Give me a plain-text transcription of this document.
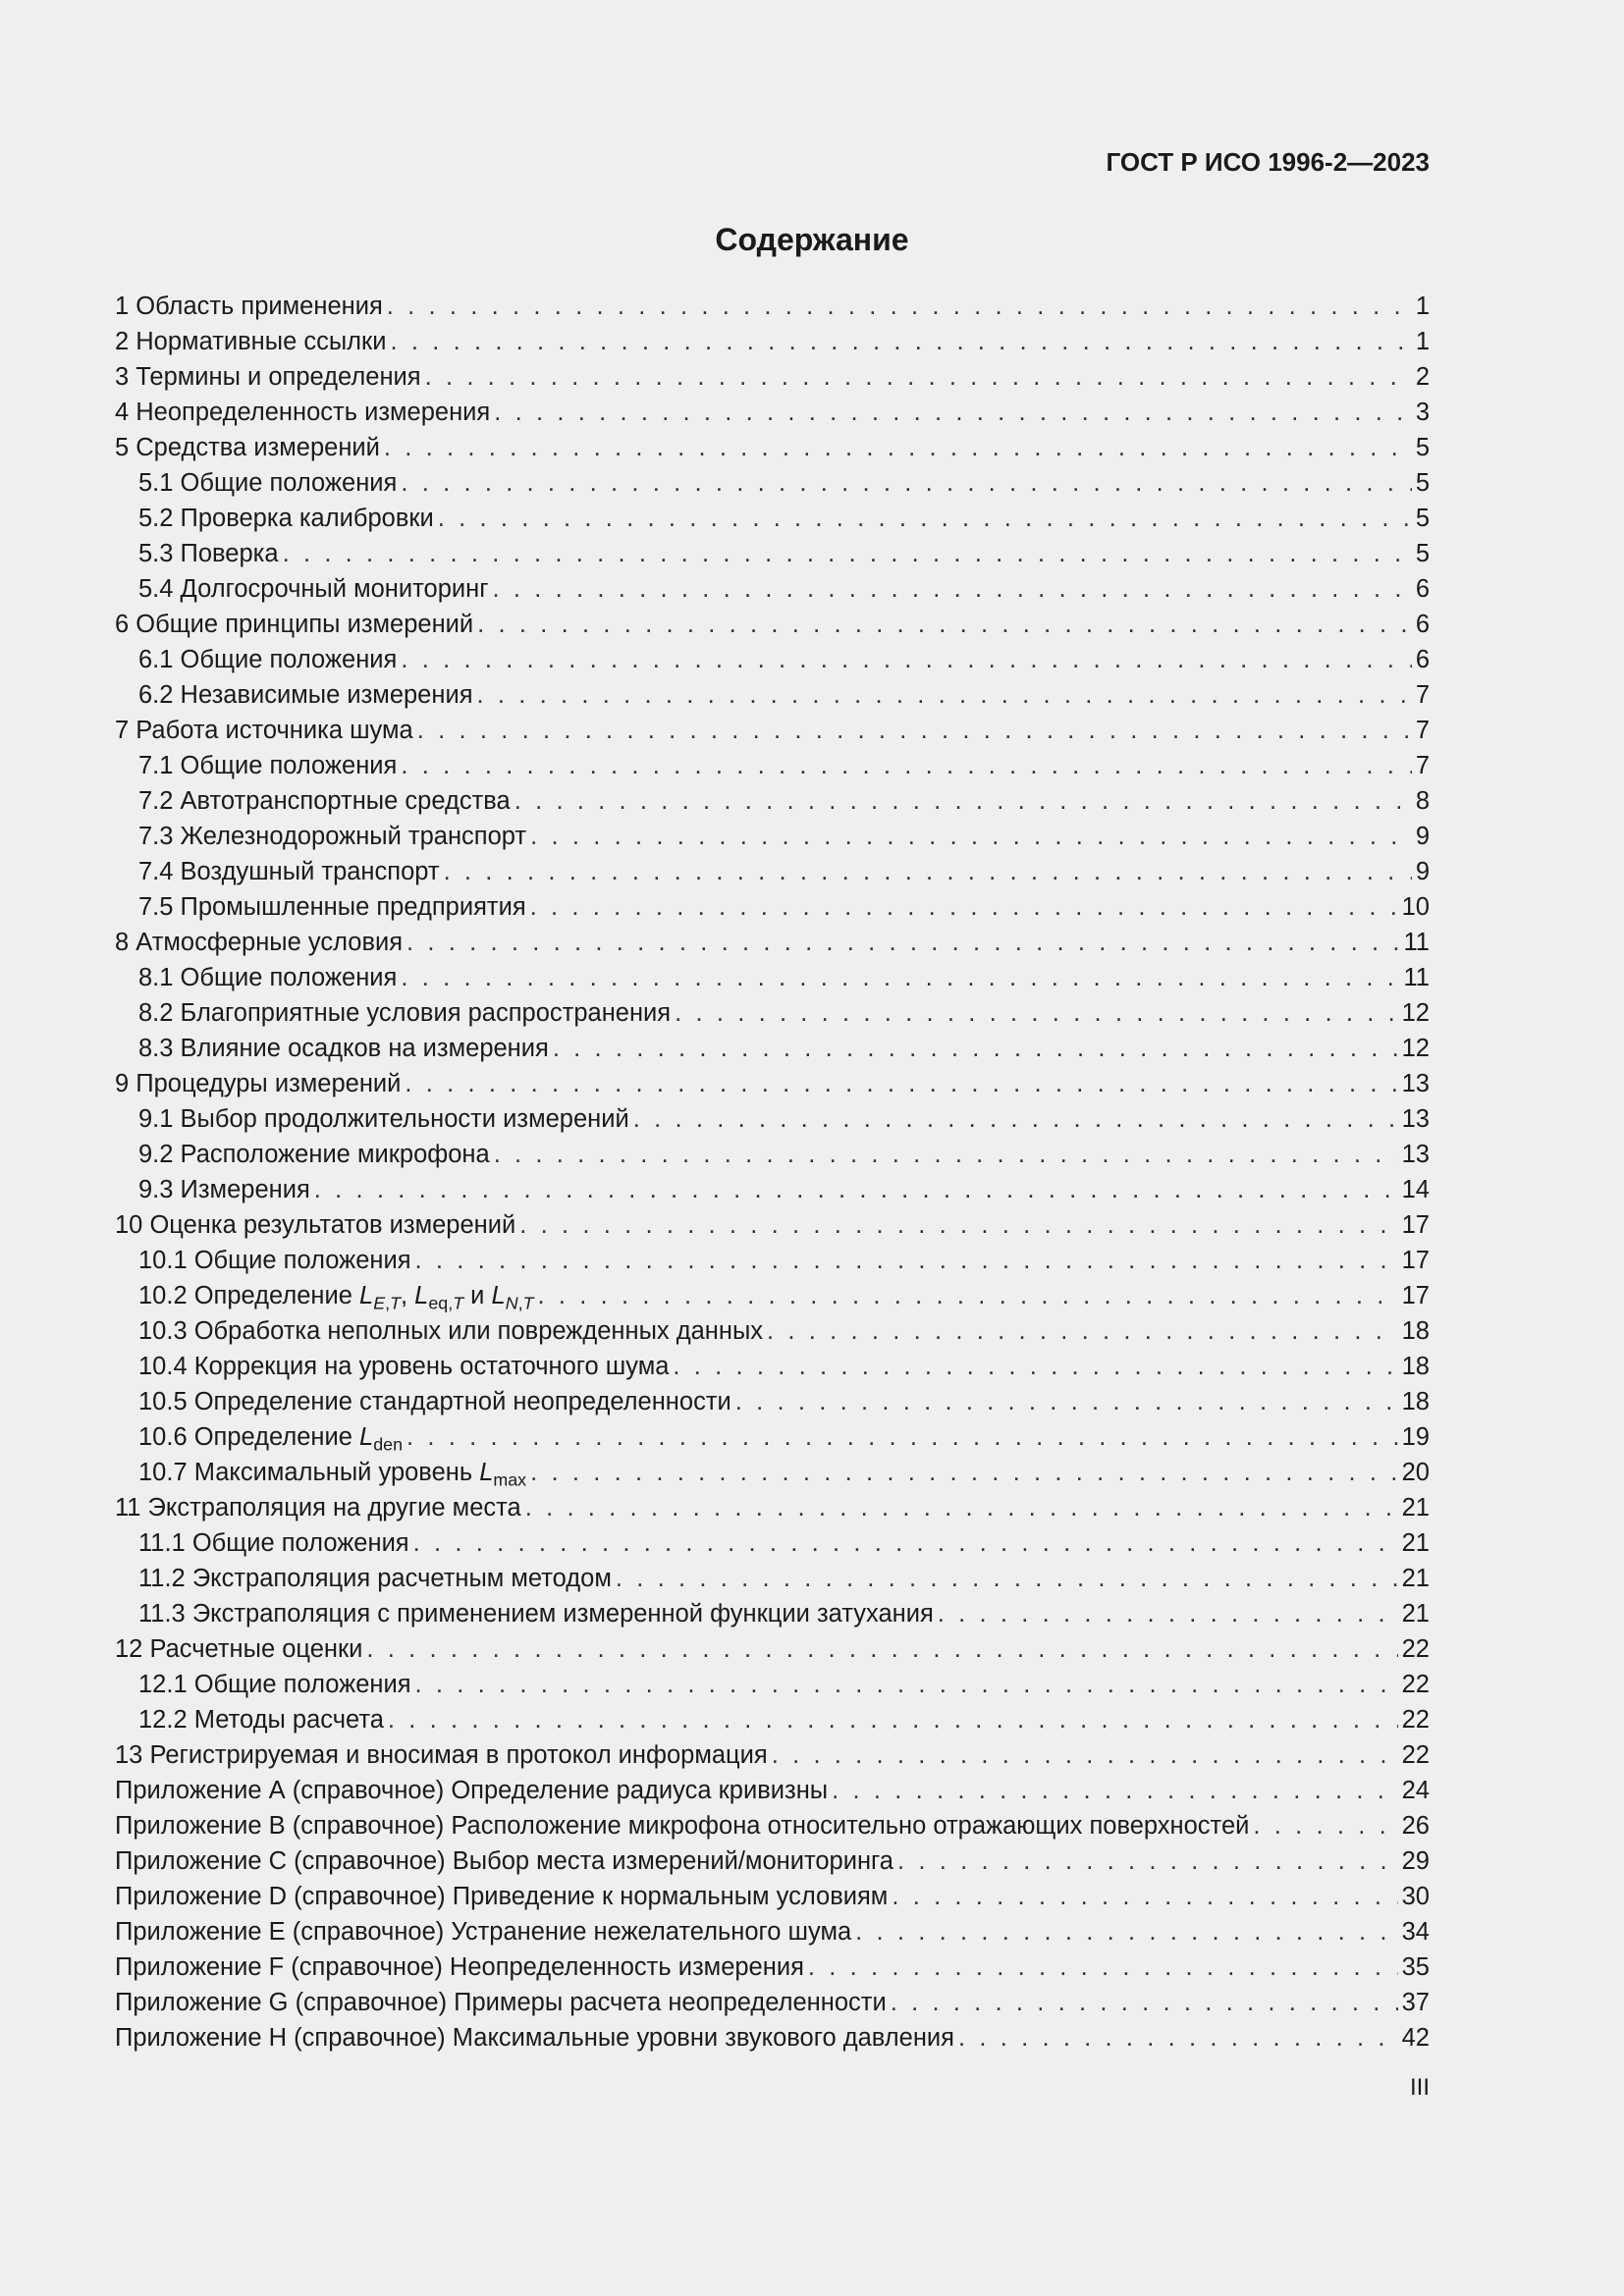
ГОСТ Р ИСО 1996-2—2023
Содержание
1 Область применения . . .	1
2 Нормативные ссылки . . .	1
3 Термины и определения . . .	2
4 Неопределенность измерения . . .	3
5 Средства измерений . . .	5
5.1 Общие положения . . .	5
5.2 Проверка калибровки . . .	5
5.3 Поверка . . .	5
5.4 Долгосрочный мониторинг . . .	6
6 Общие принципы измерений . . .	6
6.1 Общие положения . . .	6
6.2 Независимые измерения . . .	7
7 Работа источника шума . . .	7
7.1 Общие положения . . .	7
7.2 Автотранспортные средства . . .	8
7.3 Железнодорожный транспорт . . .	9
7.4 Воздушный транспорт . . .	9
7.5 Промышленные предприятия . . .	10
8 Атмосферные условия . . .	11
8.1 Общие положения . . .	11
8.2 Благоприятные условия распространения . . .	12
8.3 Влияние осадков на измерения . . .	12
9 Процедуры измерений . . .	13
9.1 Выбор продолжительности измерений . . .	13
9.2 Расположение микрофона . . .	13
9.3 Измерения . . .	14
10 Оценка результатов измерений . . .	17
10.1 Общие положения . . .	17
10.2 Определение $L_{E,T}$, $L_{eq,T}$ и $L_{N,T}$ . . .	17
10.3 Обработка неполных или поврежденных данных . . .	18
10.4 Коррекция на уровень остаточного шума . . .	18
10.5 Определение стандартной неопределенности . . .	18
10.6 Определение $L_{den}$ . . .	19
10.7 Максимальный уровень $L_{max}$ . . .	20
11 Экстраполяция на другие места . . .	21
11.1 Общие положения . . .	21
11.2 Экстраполяция расчетным методом . . .	21
11.3 Экстраполяция с применением измеренной функции затухания . . .	21
12 Расчетные оценки . . .	22
12.1 Общие положения . . .	22
12.2 Методы расчета . . .	22
13 Регистрируемая и вносимая в протокол информация . . .	22
Приложение А (справочное) Определение радиуса кривизны . . .	24
Приложение В (справочное) Расположение микрофона относительно отражающих поверхностей . . .	26
Приложение С (справочное) Выбор места измерений/мониторинга . . .	29
Приложение D (справочное) Приведение к нормальным условиям . . .	30
Приложение Е (справочное) Устранение нежелательного шума . . .	34
Приложение F (справочное) Неопределенность измерения . . .	35
Приложение G (справочное) Примеры расчета неопределенности . . .	37
Приложение Н (справочное) Максимальные уровни звукового давления . . .	42
III
